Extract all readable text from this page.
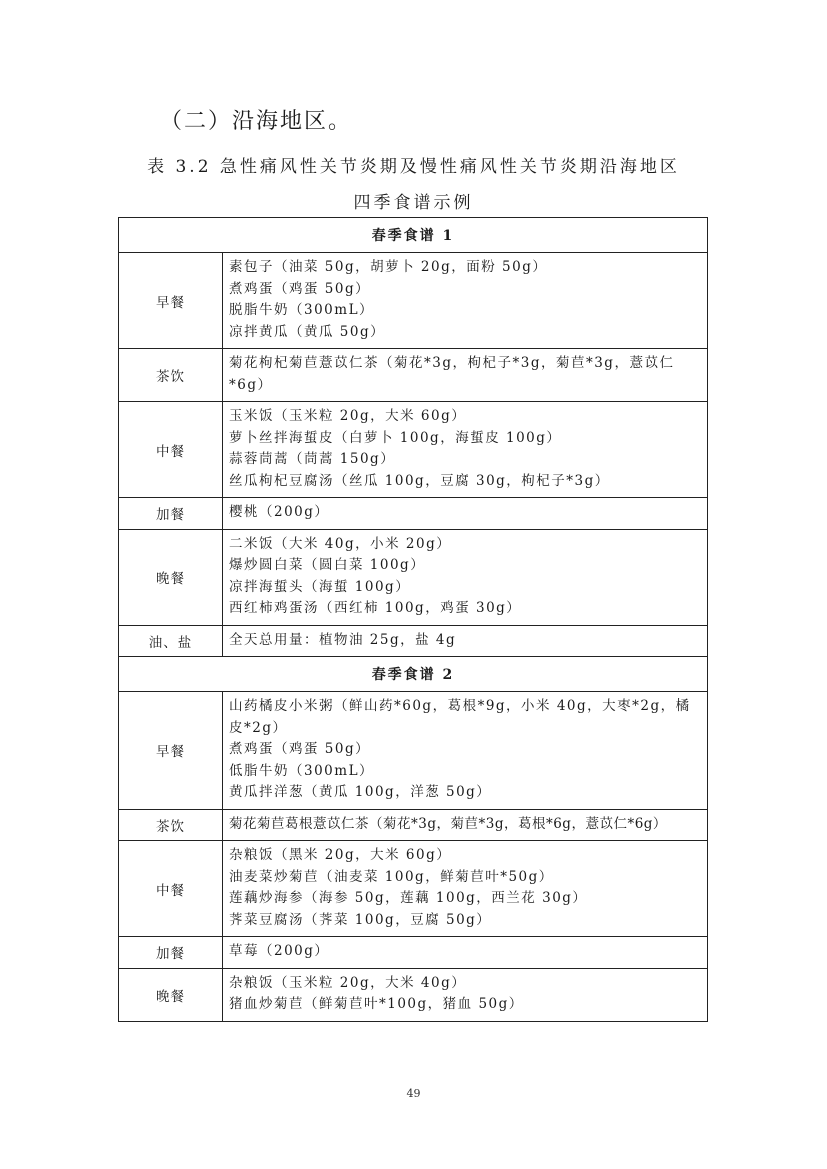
（二）沿海地区。
表 3.2 急性痛风性关节炎期及慢性痛风性关节炎期沿海地区
四季食谱示例
春季食谱 1	
早餐	素包子（油菜 50g，胡萝卜 20g，面粉 50g）
煮鸡蛋（鸡蛋 50g）
脱脂牛奶（300mL）
凉拌黄瓜（黄瓜 50g）

茶饮	菊花枸杞菊苣薏苡仁茶（菊花*3g，枸杞子*3g，菊苣*3g，薏苡仁*6g）

中餐	玉米饭（玉米粒 20g，大米 60g）
萝卜丝拌海蜇皮（白萝卜 100g，海蜇皮 100g）
蒜蓉茼蒿（茼蒿 150g）
丝瓜枸杞豆腐汤（丝瓜 100g，豆腐 30g，枸杞子*3g）

加餐	樱桃（200g）

晚餐	二米饭（大米 40g，小米 20g）
爆炒圆白菜（圆白菜 100g）
凉拌海蜇头（海蜇 100g）
西红柿鸡蛋汤（西红柿 100g，鸡蛋 30g）

油、盐	全天总用量：植物油 25g，盐 4g

春季食谱 2	
早餐	山药橘皮小米粥（鲜山药*60g，葛根*9g，小米 40g，大枣*2g，橘皮*2g）
煮鸡蛋（鸡蛋 50g）
低脂牛奶（300mL）
黄瓜拌洋葱（黄瓜 100g，洋葱 50g）

茶饮	菊花菊苣葛根薏苡仁茶（菊花*3g，菊苣*3g，葛根*6g，薏苡仁*6g）

中餐	杂粮饭（黑米 20g，大米 60g）
油麦菜炒菊苣（油麦菜 100g，鲜菊苣叶*50g）
莲藕炒海参（海参 50g，莲藕 100g，西兰花 30g）
荠菜豆腐汤（荠菜 100g，豆腐 50g）

加餐	草莓（200g）

晚餐	杂粮饭（玉米粒 20g，大米 40g）
猪血炒菊苣（鲜菊苣叶*100g，猪血 50g）
49
